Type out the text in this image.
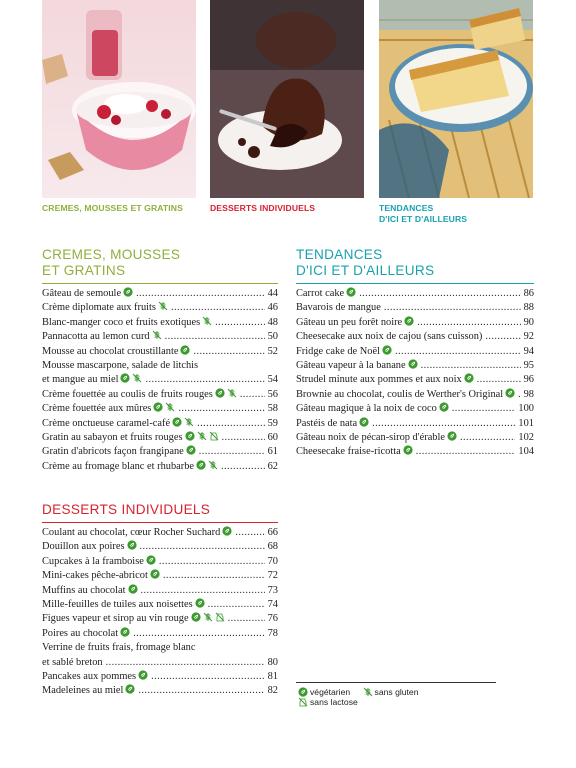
CREMES, MOUSSES ET GRATINS	DESSERTS INDIVIDUELS	TENDANCES
D'ICI ET D'AILLEURS
CREMES, MOUSSES
ET GRATINS
Gâteau de semoule .....	44
Crème diplomate aux fruits .....	46
Blanc-manger coco et fruits exotiques .....	48
Pannacotta au lemon curd .....	50
Mousse au chocolat croustillante .....	52
Mousse mascarpone, salade de litchis
et mangue au miel .....	54
Crème fouettée au coulis de fruits rouges .....	56
Crème fouettée aux mûres .....	58
Crème onctueuse caramel-café .....	59
Gratin au sabayon et fruits rouges .....	60
Gratin d'abricots façon frangipane .....	61
Crème au fromage blanc et rhubarbe .....	62
DESSERTS INDIVIDUELS
Coulant au chocolat, cœur Rocher Suchard .....	66
Douillon aux poires .....	68
Cupcakes à la framboise .....	70
Mini-cakes pêche-abricot .....	72
Muffins au chocolat .....	73
Mille-feuilles de tuiles aux noisettes .....	74
Figues vapeur et sirop au vin rouge .....	76
Poires au chocolat .....	78
Verrine de fruits frais, fromage blanc
et sablé breton .....	80
Pancakes aux pommes .....	81
Madeleines au miel .....	82
TENDANCES
D'ICI ET D'AILLEURS
Carrot cake .....	86
Bavarois de mangue .....	88
Gâteau un peu forêt noire .....	90
Cheesecake aux noix de cajou (sans cuisson) .....	92
Fridge cake de Noël .....	94
Gâteau vapeur à la banane .....	95
Strudel minute aux pommes et aux noix .....	96
Brownie au chocolat, coulis de Werther's Original .....	98
Gâteau magique à la noix de coco .....	100
Pastéis de nata .....	101
Gâteau noix de pécan-sirop d'érable .....	102
Cheesecake fraise-ricotta .....	104
végétarien	sans gluten sans lactose
